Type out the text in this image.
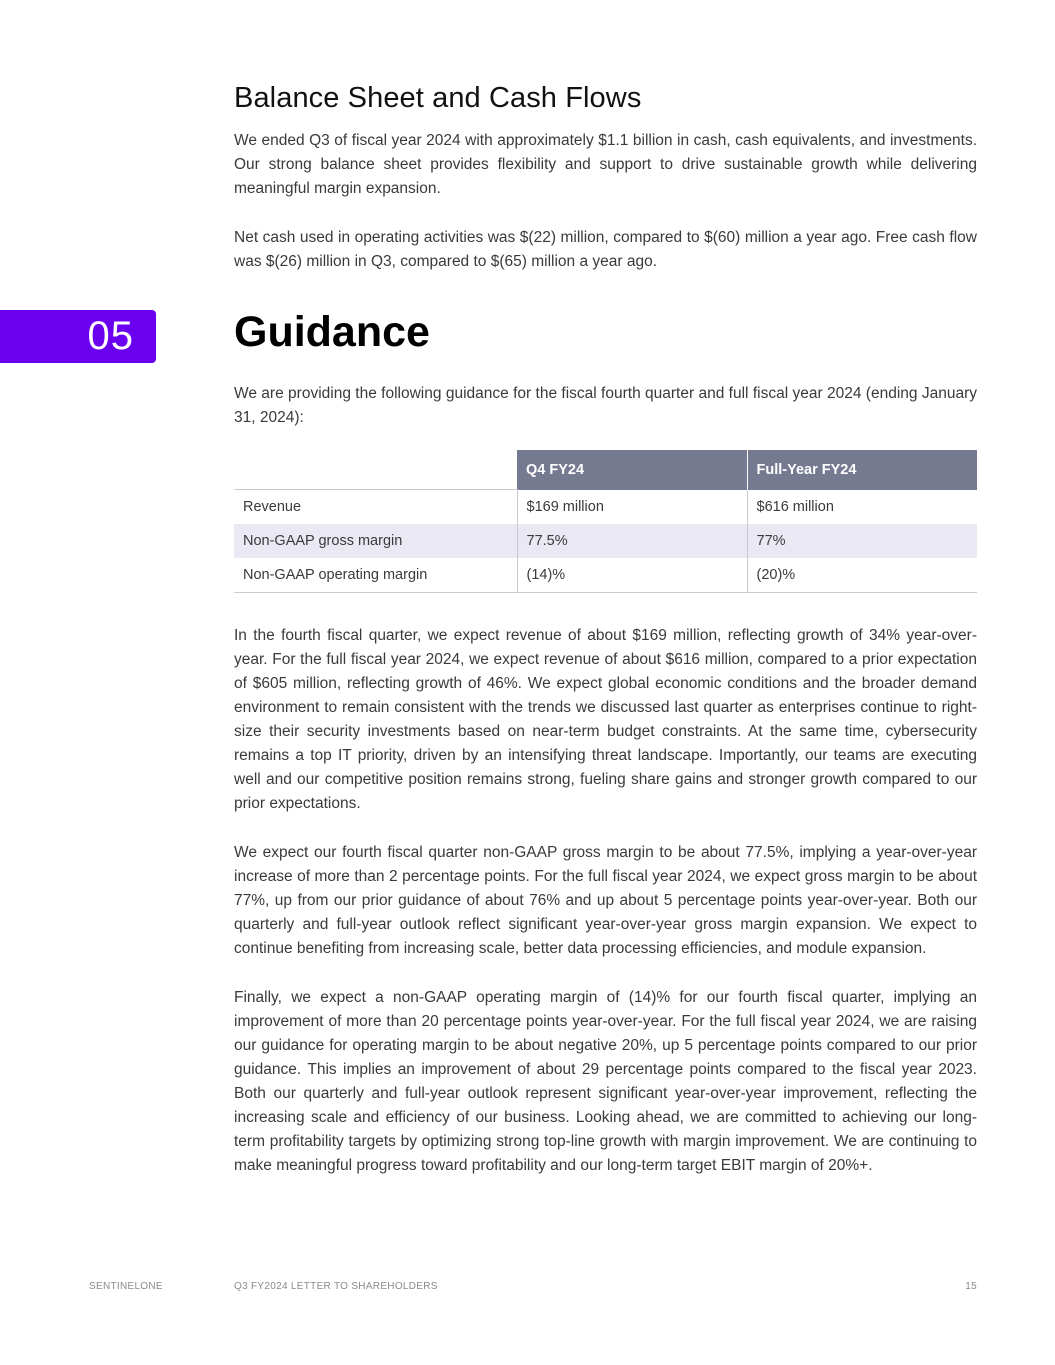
05
Balance Sheet and Cash Flows

We ended Q3 of fiscal year 2024 with approximately $1.1 billion in cash, cash equivalents, and investments. Our strong balance sheet provides flexibility and support to drive sustainable growth while delivering meaningful margin expansion.

Net cash used in operating activities was $(22) million, compared to $(60) million a year ago. Free cash flow was $(26) million in Q3, compared to $(65) million a year ago.

Guidance

We are providing the following guidance for the fiscal fourth quarter and full fiscal year 2024 (ending January 31, 2024):

	Q4 FY24	Full-Year FY24
Revenue	$169 million	$616 million
Non-GAAP gross margin	77.5%	77%
Non-GAAP operating margin	(14)%	(20)%

In the fourth fiscal quarter, we expect revenue of about $169 million, reflecting growth of 34% year-over-year. For the full fiscal year 2024, we expect revenue of about $616 million, compared to a prior expectation of $605 million, reflecting growth of 46%. We expect global economic conditions and the broader demand environment to remain consistent with the trends we discussed last quarter as enterprises continue to right-size their security investments based on near-term budget constraints. At the same time, cybersecurity remains a top IT priority, driven by an intensifying threat landscape. Importantly, our teams are executing well and our competitive position remains strong, fueling share gains and stronger growth compared to our prior expectations.

We expect our fourth fiscal quarter non-GAAP gross margin to be about 77.5%, implying a year-over-year increase of more than 2 percentage points. For the full fiscal year 2024, we expect gross margin to be about 77%, up from our prior guidance of about 76% and up about 5 percentage points year-over-year. Both our quarterly and full-year outlook reflect significant year-over-year gross margin expansion. We expect to continue benefiting from increasing scale, better data processing efficiencies, and module expansion.

Finally, we expect a non-GAAP operating margin of (14)% for our fourth fiscal quarter, implying an improvement of more than 20 percentage points year-over-year. For the full fiscal year 2024, we are raising our guidance for operating margin to be about negative 20%, up 5 percentage points compared to our prior guidance. This implies an improvement of about 29 percentage points compared to the fiscal year 2023. Both our quarterly and full-year outlook represent significant year-over-year improvement, reflecting the increasing scale and efficiency of our business. Looking ahead, we are committed to achieving our long-term profitability targets by optimizing strong top-line growth with margin improvement. We are continuing to make meaningful progress toward profitability and our long-term target EBIT margin of 20%+.

SENTINELONE	Q3 FY2024 LETTER TO SHAREHOLDERS	15
